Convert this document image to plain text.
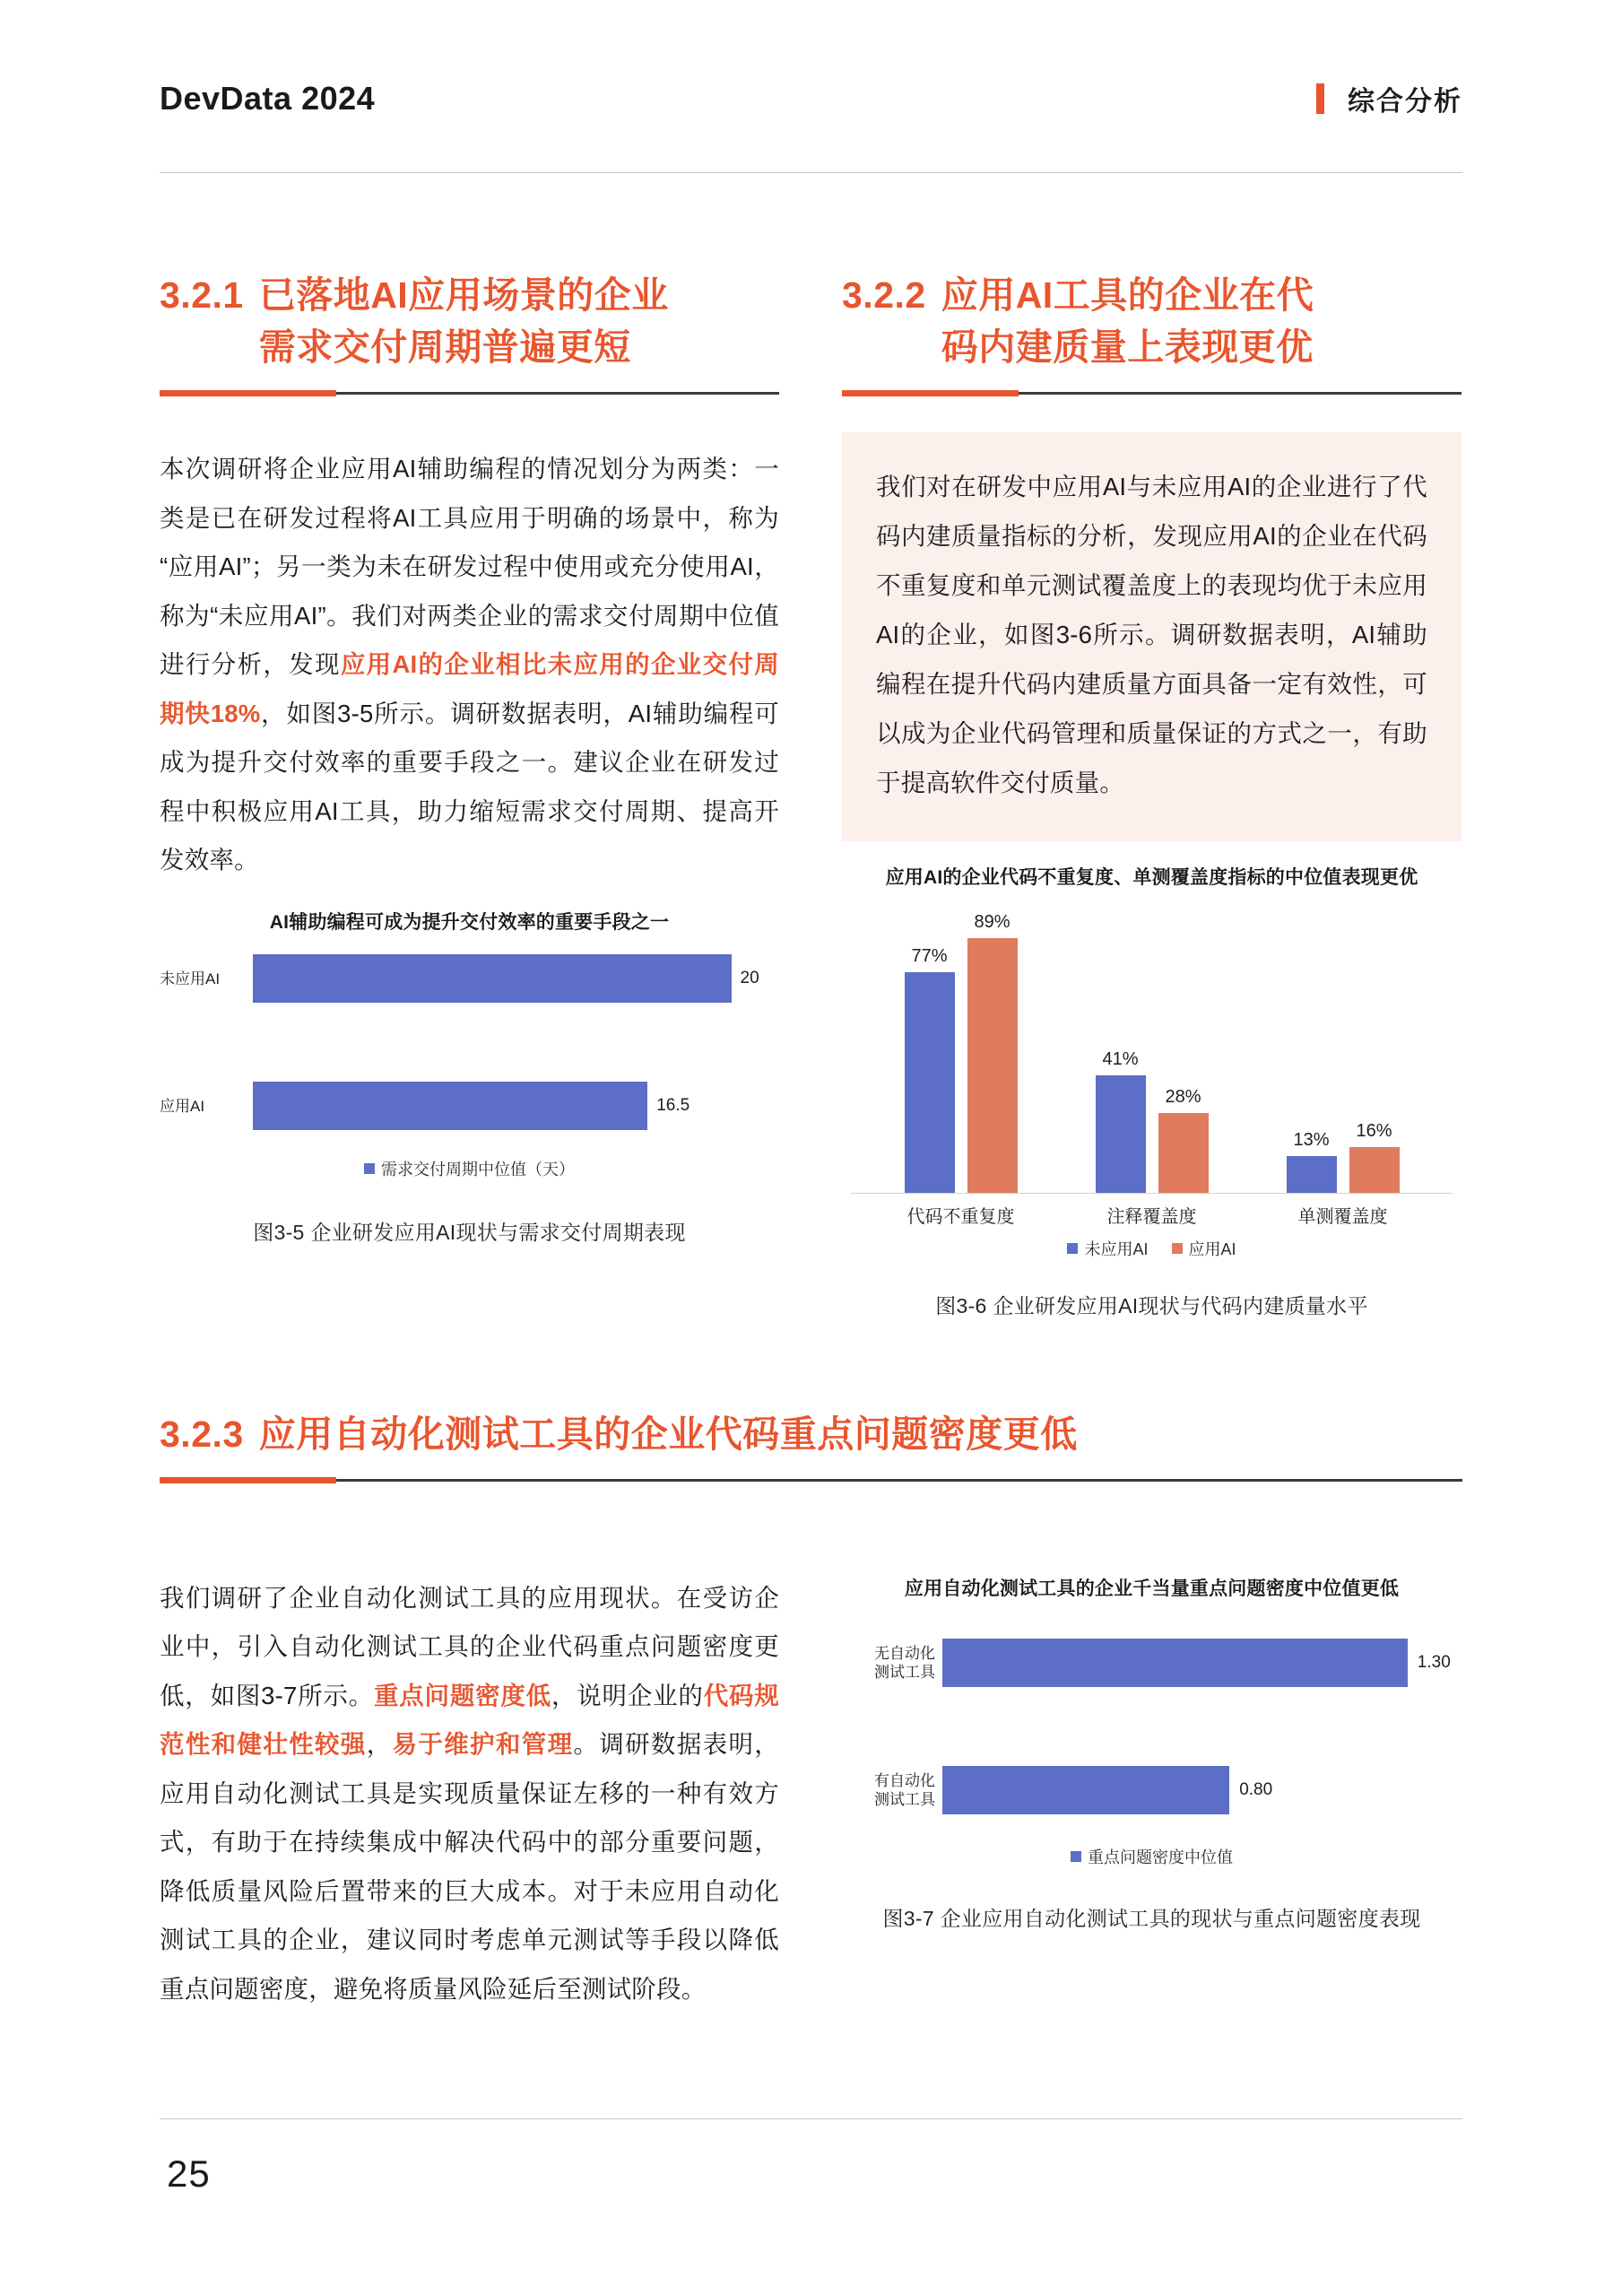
DevData 2024	综合分析
3.2.1 已落地AI应用场景的企业
需求交付周期普遍更短
本次调研将企业应用AI辅助编程的情况划分为两类：一类是已在研发过程将AI工具应用于明确的场景中，称为“应用AI”；另一类为未在研发过程中使用或充分使用AI，称为“未应用AI”。我们对两类企业的需求交付周期中位值进行分析，发现应用AI的企业相比未应用的企业交付周期快18%，如图3-5所示。调研数据表明，AI辅助编程可成为提升交付效率的重要手段之一。建议企业在研发过程中积极应用AI工具，助力缩短需求交付周期、提高开发效率。
AI辅助编程可成为提升交付效率的重要手段之一
未应用AI	20
应用AI	16.5
需求交付周期中位值（天）
图3-5 企业研发应用AI现状与需求交付周期表现
3.2.2 应用AI工具的企业在代
码内建质量上表现更优
我们对在研发中应用AI与未应用AI的企业进行了代码内建质量指标的分析，发现应用AI的企业在代码不重复度和单元测试覆盖度上的表现均优于未应用AI的企业，如图3-6所示。调研数据表明，AI辅助编程在提升代码内建质量方面具备一定有效性，可以成为企业代码管理和质量保证的方式之一，有助于提高软件交付质量。
应用AI的企业代码不重复度、单测覆盖度指标的中位值表现更优
77%
89%
41%
28%
13%	16%
代码不重复度	注释覆盖度	单测覆盖度
未应用AI	应用AI
图3-6 企业研发应用AI现状与代码内建质量水平
3.2.3 应用自动化测试工具的企业代码重点问题密度更低
我们调研了企业自动化测试工具的应用现状。在受访企业中，引入自动化测试工具的企业代码重点问题密度更低，如图3-7所示。重点问题密度低，说明企业的代码规范性和健壮性较强，易于维护和管理。调研数据表明，应用自动化测试工具是实现质量保证左移的一种有效方式，有助于在持续集成中解决代码中的部分重要问题，降低质量风险后置带来的巨大成本。对于未应用自动化测试工具的企业，建议同时考虑单元测试等手段以降低重点问题密度，避免将质量风险延后至测试阶段。
应用自动化测试工具的企业千当量重点问题密度中位值更低
无自动化
测试工具
1.30
有自动化
测试工具
0.80
重点问题密度中位值
图3-7 企业应用自动化测试工具的现状与重点问题密度表现
25
